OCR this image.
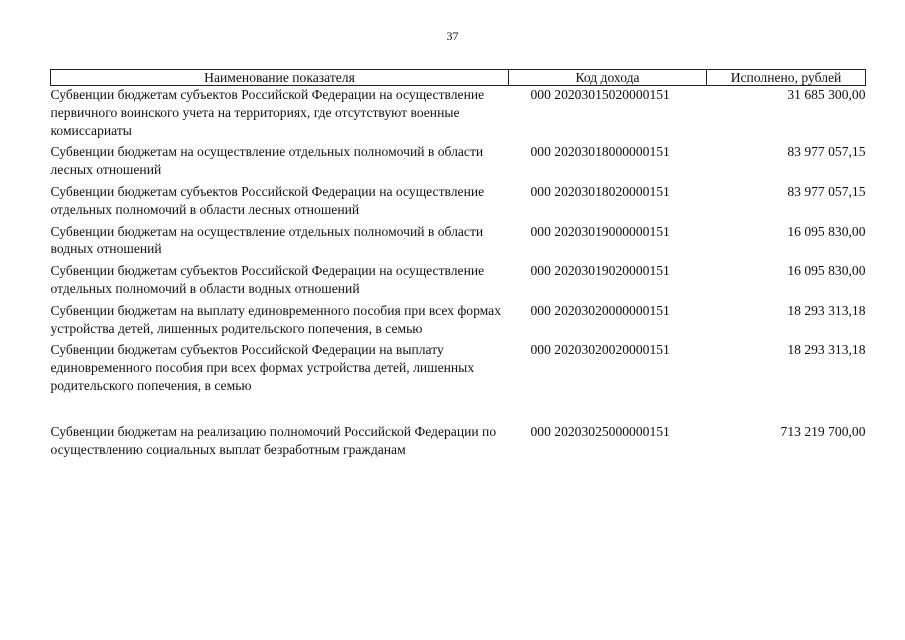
37
Наименование показателя	Код дохода	Исполнено, рублей
Субвенции бюджетам субъектов Российской Федерации на осуществление первичного воинского учета на территориях, где отсутствуют военные комиссариаты	000 20203015020000151	31 685 300,00
Субвенции бюджетам на осуществление отдельных полномочий в области лесных отношений	000 20203018000000151	83 977 057,15
Субвенции бюджетам субъектов Российской Федерации на осуществление отдельных полномочий в области лесных отношений	000 20203018020000151	83 977 057,15
Субвенции бюджетам на осуществление отдельных полномочий в области водных отношений	000 20203019000000151	16 095 830,00
Субвенции бюджетам субъектов Российской Федерации на осуществление отдельных полномочий в области водных отношений	000 20203019020000151	16 095 830,00
Субвенции бюджетам на выплату единовременного пособия при всех формах устройства детей, лишенных родительского попечения, в семью	000 20203020000000151	18 293 313,18
Субвенции бюджетам субъектов Российской Федерации на выплату единовременного пособия при всех формах устройства детей, лишенных родительского попечения, в семью	000 20203020020000151	18 293 313,18
Субвенции бюджетам на реализацию полномочий Российской Федерации по осуществлению социальных выплат безработным гражданам	000 20203025000000151	713 219 700,00
